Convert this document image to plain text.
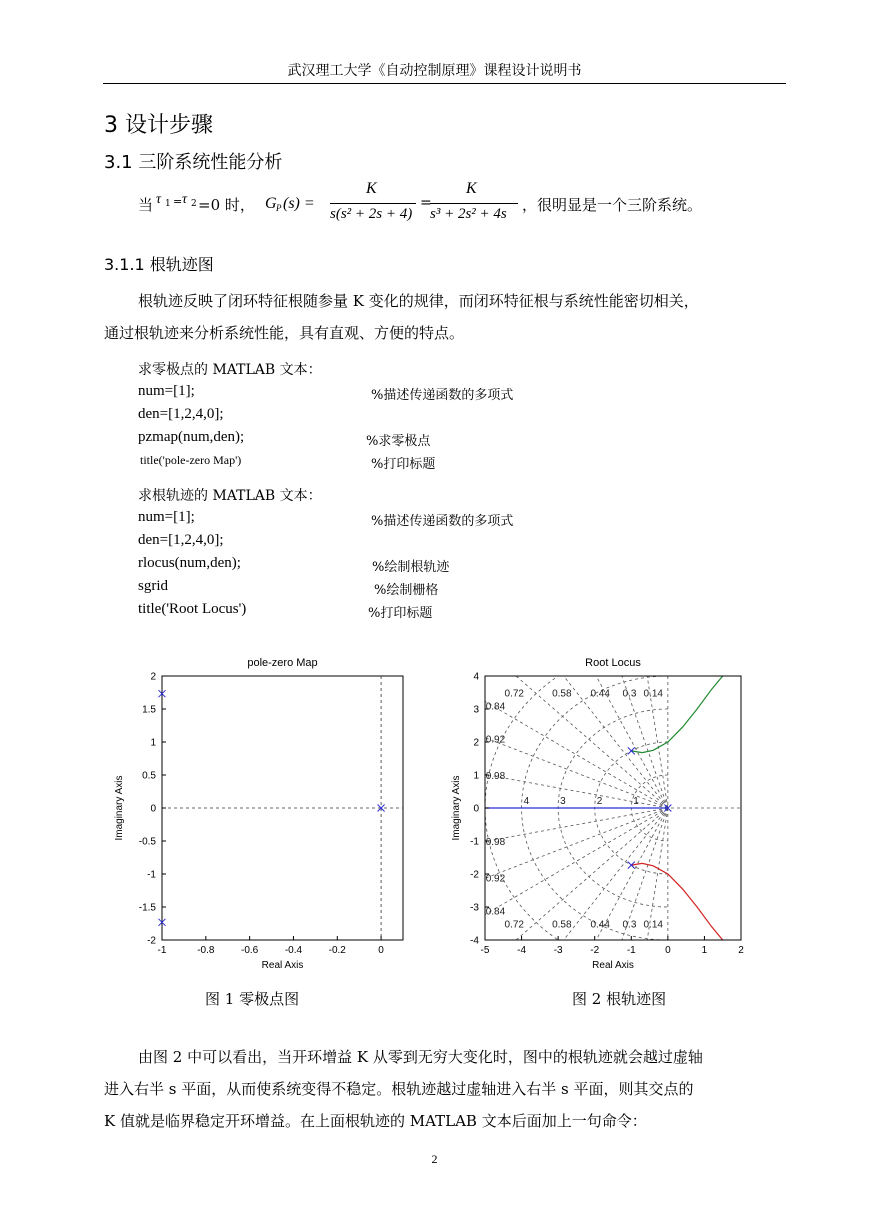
武汉理工大学《自动控制原理》课程设计说明书
3 设计步骤
3.1 三阶系统性能分析
当 τ 1 = τ 2 =0 时， G P (s) =
K
s(s² + 2s + 4)
=
K
s³ + 2s² + 4s ，很明显是一个三阶系统。
3.1.1 根轨迹图
根轨迹反映了闭环特征根随参量 K 变化的规律，而闭环特征根与系统性能密切相关，
通过根轨迹来分析系统性能，具有直观、方便的特点。
求零极点的 MATLAB 文本：
num=[1];	%描述传递函数的多项式
den=[1,2,4,0];
pzmap(num,den);	%求零极点
title('pole-zero Map')	%打印标题
求根轨迹的 MATLAB 文本：
num=[1];	%描述传递函数的多项式
den=[1,2,4,0];
rlocus(num,den);	%绘制根轨迹
sgrid	%绘制栅格
title('Root Locus')	%打印标题
pole-zero Map
-1	-0.8	-0.6	-0.4	-0.2	0
2
1.5
1
0.5
0
-0.5
-1
-1.5
-2
Real Axis
Imaginary Axis
Root Locus
0.72
0.72
0.58
0.58
0.44
0.44
0.3
0.3
0.14
0.14
0.84
0.84
0.92
0.92
0.98
0.98
4	3	2	1
-5	-4	-3	-2	-1	0	1	2
4
3
2
1
0
-1
-2
-3
-4
Real Axis
Imaginary Axis
图 1 零极点图	图 2 根轨迹图
由图 2 中可以看出，当开环增益 K 从零到无穷大变化时，图中的根轨迹就会越过虚轴
进入右半 s 平面，从而使系统变得不稳定。根轨迹越过虚轴进入右半 s 平面，则其交点的
K 值就是临界稳定开环增益。在上面根轨迹的 MATLAB 文本后面加上一句命令：
2
